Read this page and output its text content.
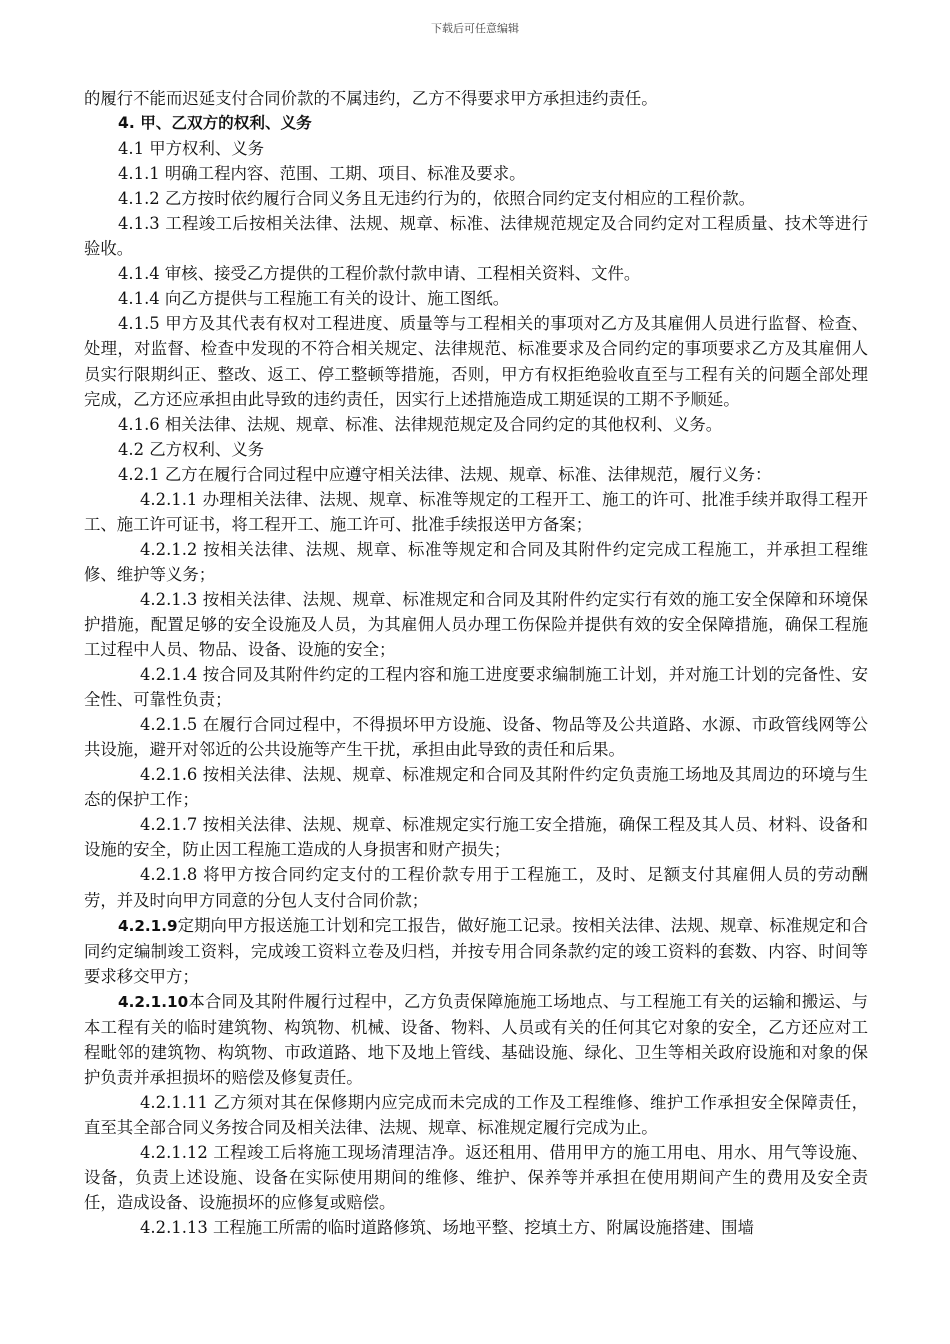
下载后可任意编辑

的履行不能而迟延支付合同价款的不属违约，乙方不得要求甲方承担违约责任。

4. 甲、乙双方的权利、义务

4.1 甲方权利、义务

4.1.1 明确工程内容、范围、工期、项目、标准及要求。

4.1.2 乙方按时依约履行合同义务且无违约行为的，依照合同约定支付相应的工程价款。

4.1.3 工程竣工后按相关法律、法规、规章、标准、法律规范规定及合同约定对工程质量、技术等进行验收。

4.1.4 审核、接受乙方提供的工程价款付款申请、工程相关资料、文件。

4.1.4 向乙方提供与工程施工有关的设计、施工图纸。

4.1.5 甲方及其代表有权对工程进度、质量等与工程相关的事项对乙方及其雇佣人员进行监督、检查、处理，对监督、检查中发现的不符合相关规定、法律规范、标准要求及合同约定的事项要求乙方及其雇佣人员实行限期纠正、整改、返工、停工整顿等措施，否则，甲方有权拒绝验收直至与工程有关的问题全部处理完成，乙方还应承担由此导致的违约责任，因实行上述措施造成工期延误的工期不予顺延。

4.1.6 相关法律、法规、规章、标准、法律规范规定及合同约定的其他权利、义务。

4.2 乙方权利、义务

4.2.1 乙方在履行合同过程中应遵守相关法律、法规、规章、标准、法律规范，履行义务：

4.2.1.1 办理相关法律、法规、规章、标准等规定的工程开工、施工的许可、批准手续并取得工程开工、施工许可证书，将工程开工、施工许可、批准手续报送甲方备案；

4.2.1.2 按相关法律、法规、规章、标准等规定和合同及其附件约定完成工程施工，并承担工程维修、维护等义务；

4.2.1.3 按相关法律、法规、规章、标准规定和合同及其附件约定实行有效的施工安全保障和环境保护措施，配置足够的安全设施及人员，为其雇佣人员办理工伤保险并提供有效的安全保障措施，确保工程施工过程中人员、物品、设备、设施的安全；

4.2.1.4 按合同及其附件约定的工程内容和施工进度要求编制施工计划，并对施工计划的完备性、安全性、可靠性负责；

4.2.1.5 在履行合同过程中，不得损坏甲方设施、设备、物品等及公共道路、水源、市政管线网等公共设施，避开对邻近的公共设施等产生干扰，承担由此导致的责任和后果。

4.2.1.6 按相关法律、法规、规章、标准规定和合同及其附件约定负责施工场地及其周边的环境与生态的保护工作；

4.2.1.7 按相关法律、法规、规章、标准规定实行施工安全措施，确保工程及其人员、材料、设备和设施的安全，防止因工程施工造成的人身损害和财产损失；

4.2.1.8 将甲方按合同约定支付的工程价款专用于工程施工，及时、足额支付其雇佣人员的劳动酬劳，并及时向甲方同意的分包人支付合同价款；

4.2.1.9定期向甲方报送施工计划和完工报告，做好施工记录。按相关法律、法规、规章、标准规定和合同约定编制竣工资料，完成竣工资料立卷及归档，并按专用合同条款约定的竣工资料的套数、内容、时间等要求移交甲方；

4.2.1.10本合同及其附件履行过程中，乙方负责保障施施工场地点、与工程施工有关的运输和搬运、与本工程有关的临时建筑物、构筑物、机械、设备、物料、人员或有关的任何其它对象的安全，乙方还应对工程毗邻的建筑物、构筑物、市政道路、地下及地上管线、基础设施、绿化、卫生等相关政府设施和对象的保护负责并承担损坏的赔偿及修复责任。

4.2.1.11 乙方须对其在保修期内应完成而未完成的工作及工程维修、维护工作承担安全保障责任，直至其全部合同义务按合同及相关法律、法规、规章、标准规定履行完成为止。

4.2.1.12 工程竣工后将施工现场清理洁净。返还租用、借用甲方的施工用电、用水、用气等设施、设备，负责上述设施、设备在实际使用期间的维修、维护、保养等并承担在使用期间产生的费用及安全责任，造成设备、设施损坏的应修复或赔偿。

4.2.1.13 工程施工所需的临时道路修筑、场地平整、挖填土方、附属设施搭建、围墙
